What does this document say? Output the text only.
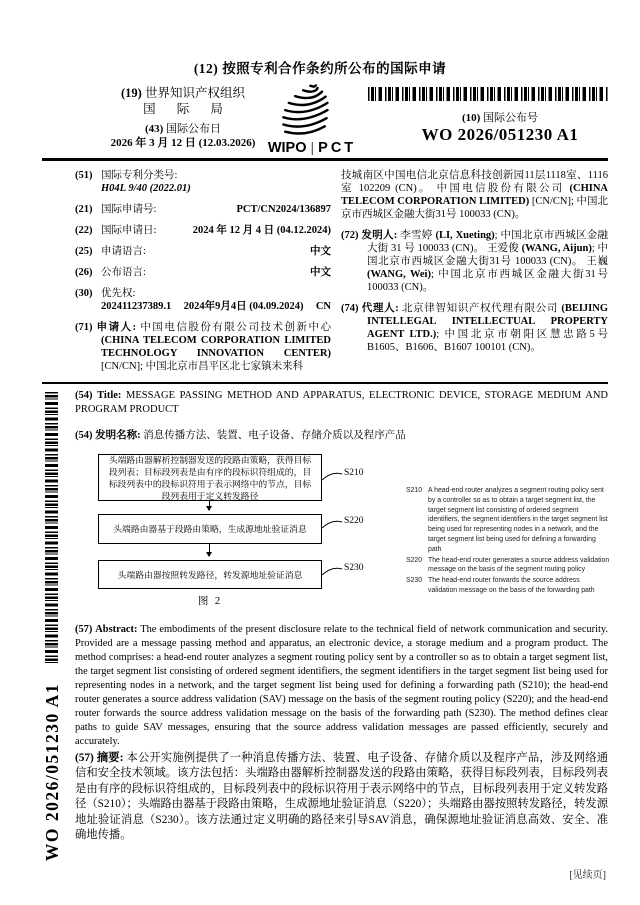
(12) 按照专利合作条约所公布的国际申请
(19) 世界知识产权组织
国 际 局
(43) 国际公布日
2026 年 3 月 12 日 (12.03.2026) WIPO | PCT
(10) 国际公布号
WO 2026/051230 A1
(51) 国际专利分类号:
H04L 9/40 (2022.01)
(21) 国际申请号:	PCT/CN2024/136897
(22) 国际申请日:	2024 年 12 月 4 日 (04.12.2024)
(25) 申请语言:	中文
(26) 公布语言:	中文
(30) 优先权:
202411237389.1 2024年9月4日 (04.09.2024) CN
(71) 申请人: 中国电信股份有限公司技术创新中心 (CHINA TELECOM CORPORATION LIMITED TECHNOLOGY INNOVATION CENTER) [CN/CN]; 中国北京市昌平区北七家镇未来科
技城南区中国电信北京信息科技创新园11层1118室、1116室 102209 (CN)。 中国电信股份有限公司 (CHINA TELECOM CORPORATION LIMITED) [CN/CN]; 中国北京市西城区金融大街31号 100033 (CN)。
(72) 发明人: 李雪婷 (LI, Xueting); 中国北京市西城区金融大街 31 号 100033 (CN)。 王爱俊 (WANG, Aijun); 中国北京市西城区金融大街31号 100033 (CN)。 王巍 (WANG, Wei); 中国北京市西城区金融大街31号 100033 (CN)。
(74) 代理人: 北京律智知识产权代理有限公司 (BEIJING INTELLEGAL INTELLECTUAL PROPERTY AGENT LTD.); 中国北京市朝阳区慧忠路5号B1605、B1606、B1607 100101 (CN)。
(54) Title: MESSAGE PASSING METHOD AND APPARATUS, ELECTRONIC DEVICE, STORAGE MEDIUM AND PROGRAM PRODUCT
(54) 发明名称: 消息传播方法、装置、电子设备、存储介质以及程序产品
头端路由器解析控制器发送的段路由策略，获得目标段列表；目标段列表是由有序的段标识符组成的，目标段列表中的段标识符用于表示网络中的节点，目标段列表用于定义转发路径
头端路由器基于段路由策略，生成源地址验证消息
头端路由器按照转发路径，转发源地址验证消息
S210
S220
S230
图 2
S210 A head-end router analyzes a segment routing policy sent by a controller so as to obtain a target segment list, the target segment list consisting of ordered segment identifiers, the segment identifiers in the target segment list being used for representing nodes in a network, and the target segment list being used for defining a forwarding path
S220 The head-end router generates a source address validation message on the basis of the segment routing policy
S230 The head-end router forwards the source address validation message on the basis of the forwarding path
(57) Abstract: The embodiments of the present disclosure relate to the technical field of network communication and security. Provided are a message passing method and apparatus, an electronic device, a storage medium and a program product. The method comprises: a head-end router analyzes a segment routing policy sent by a controller so as to obtain a target segment list, the target segment list consisting of ordered segment identifiers, the segment identifiers in the target segment list being used for representing nodes in a network, and the target segment list being used for defining a forwarding path (S210); the head-end router generates a source address validation (SAV) message on the basis of the segment routing policy (S220); and the head-end router forwards the source address validation message on the basis of the forwarding path (S230). The method defines clear paths to guide SAV messages, ensuring that the source address validation messages are passed efficiently, securely and accurately.
(57) 摘要: 本公开实施例提供了一种消息传播方法、装置、电子设备、存储介质以及程序产品，涉及网络通信和安全技术领域。该方法包括：头端路由器解析控制器发送的段路由策略，获得目标段列表，目标段列表是由有序的段标识符组成的，目标段列表中的段标识符用于表示网络中的节点，目标段列表用于定义转发路径（S210）；头端路由器基于段路由策略，生成源地址验证消息（S220）；头端路由器按照转发路径，转发源地址验证消息（S230）。该方法通过定义明确的路径来引导SAV消息，确保源地址验证消息高效、安全、准确地传播。
WO 2026/051230 A1
[见续页]
